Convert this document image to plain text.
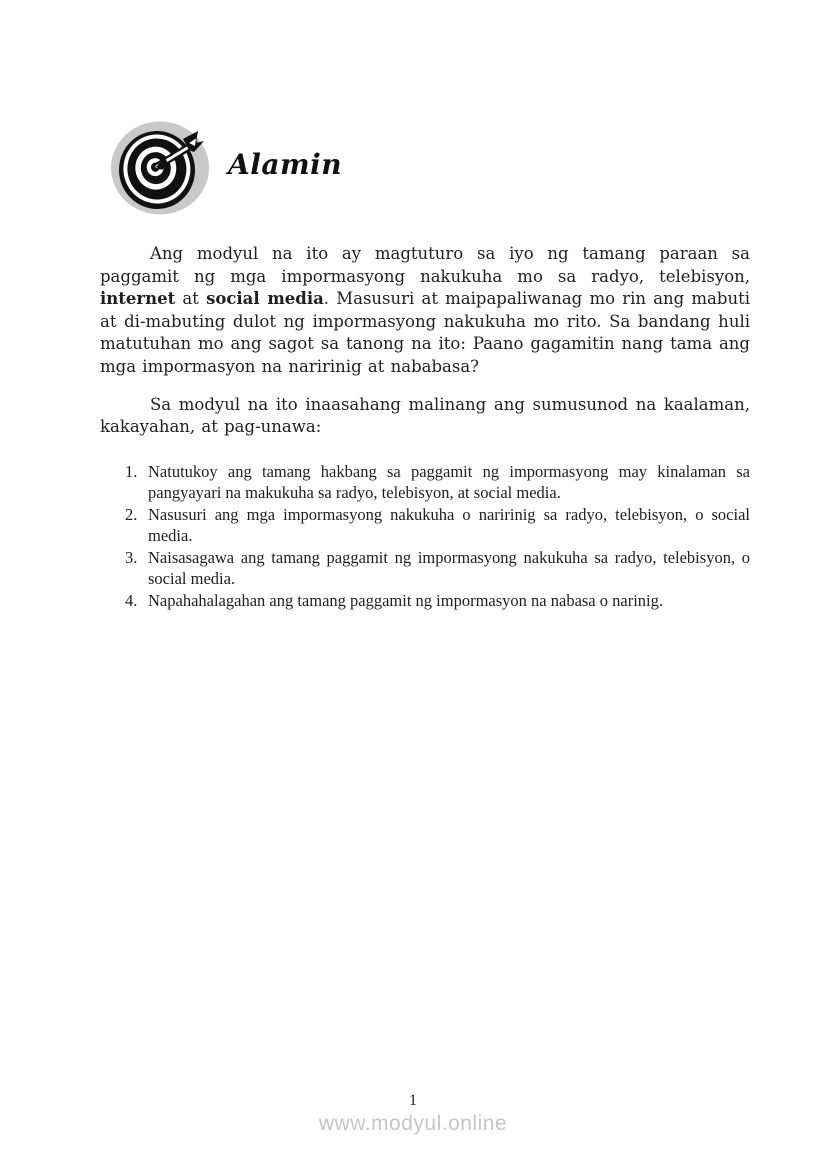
Alamin

Ang modyul na ito ay magtuturo sa iyo ng tamang paraan sa paggamit ng mga impormasyong nakukuha mo sa radyo, telebisyon, internet at social media. Masusuri at maipapaliwanag mo rin ang mabuti at di-mabuting dulot ng impormasyong nakukuha mo rito. Sa bandang huli matutuhan mo ang sagot sa tanong na ito: Paano gagamitin nang tama ang mga impormasyon na naririnig at nababasa?

Sa modyul na ito inaasahang malinang ang sumusunod na kaalaman, kakayahan, at pag-unawa:

1. Natutukoy ang tamang hakbang sa paggamit ng impormasyong may kinalaman sa pangyayari na makukuha sa radyo, telebisyon, at social media.
2. Nasusuri ang mga impormasyong nakukuha o naririnig sa radyo, telebisyon, o social media.
3. Naisasagawa ang tamang paggamit ng impormasyong nakukuha sa radyo, telebisyon, o social media.
4. Napahahalagahan ang tamang paggamit ng impormasyon na nabasa o narinig.
1
www.modyul.online
